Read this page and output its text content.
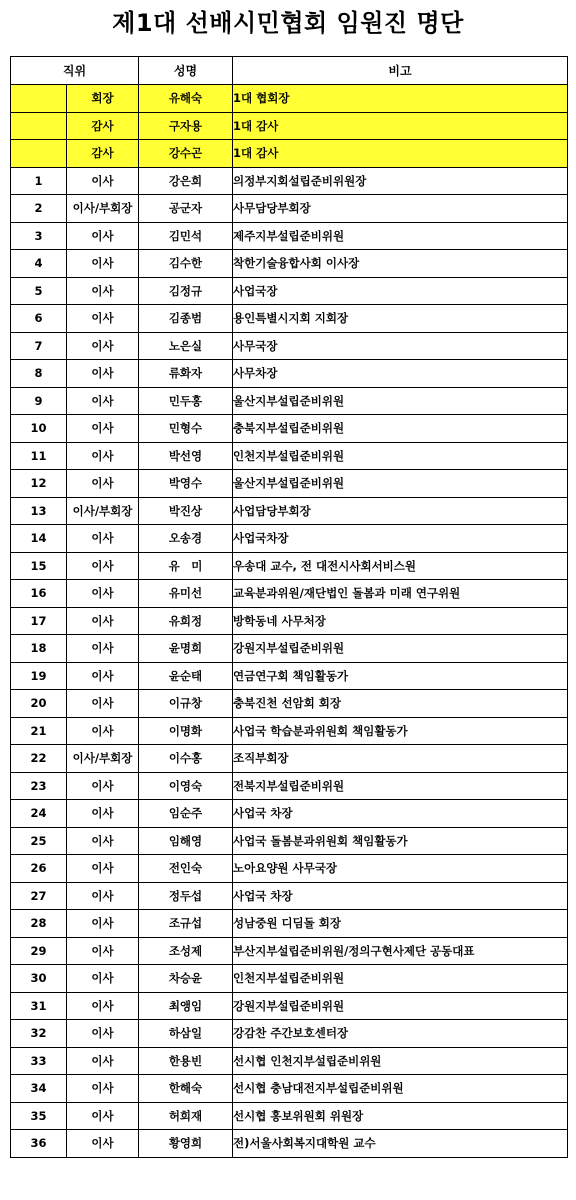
제1대 선배시민협회 임원진 명단
직위		성명	비고
	회장	유해숙	1대 협회장
	감사	구자용	1대 감사
	감사	강수곤	1대 감사
1	이사	강은희	의정부지회설립준비위원장
2	이사/부회장	공군자	사무담당부회장
3	이사	김민석	제주지부설립준비위원
4	이사	김수한	착한기술융합사회 이사장
5	이사	김정규	사업국장
6	이사	김종범	용인특별시지회 지회장
7	이사	노은실	사무국장
8	이사	류화자	사무차장
9	이사	민두홍	울산지부설립준비위원
10	이사	민형수	충북지부설립준비위원
11	이사	박선영	인천지부설립준비위원
12	이사	박영수	울산지부설립준비위원
13	이사/부회장	박진상	사업담당부회장
14	이사	오송경	사업국차장
15	이사	유　미	우송대 교수, 전 대전시사회서비스원
16	이사	유미선	교육분과위원/재단법인 돌봄과 미래 연구위원
17	이사	유희정	방학동네 사무처장
18	이사	윤명희	강원지부설립준비위원
19	이사	윤순태	연금연구회 책임활동가
20	이사	이규창	충북진천 선암회 회장
21	이사	이명화	사업국 학습분과위원회 책임활동가
22	이사/부회장	이수홍	조직부회장
23	이사	이영숙	전북지부설립준비위원
24	이사	임순주	사업국 차장
25	이사	임해영	사업국 돌봄분과위원회 책임활동가
26	이사	전인숙	노아요양원 사무국장
27	이사	정두섭	사업국 차장
28	이사	조규섭	성남중원 디딤돌 회장
29	이사	조성제	부산지부설립준비위원/정의구현사제단 공동대표
30	이사	차승윤	인천지부설립준비위원
31	이사	최앵임	강원지부설립준비위원
32	이사	하삼일	강감찬 주간보호센터장
33	이사	한용빈	선시협 인천지부설립준비위원
34	이사	한해숙	선시협 충남대전지부설립준비위원
35	이사	허희재	선시협 홍보위원회 위원장
36	이사	황영희	전)서울사회복지대학원 교수
